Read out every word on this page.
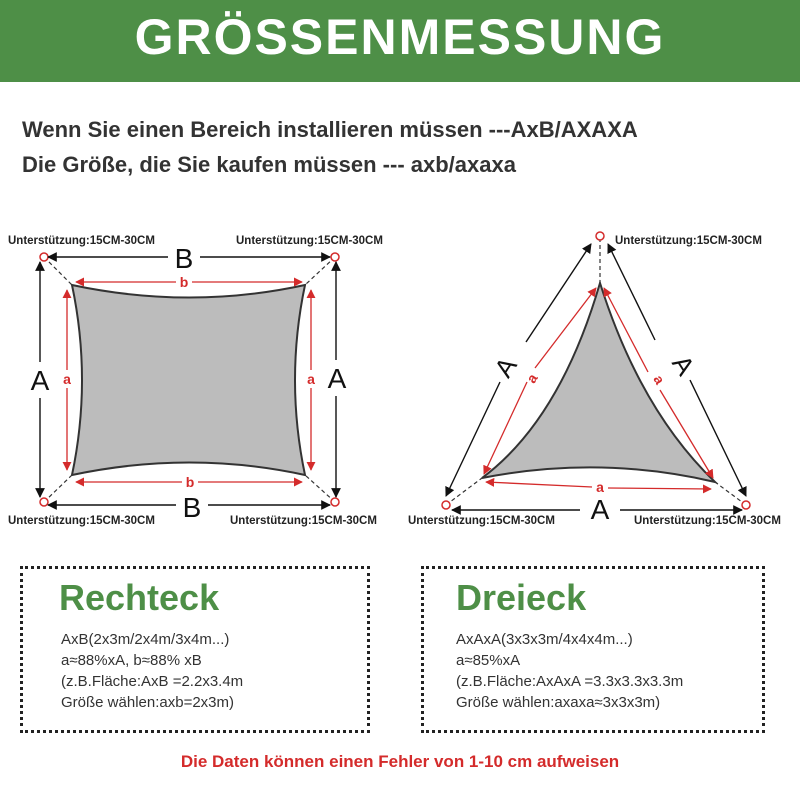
GRÖSSENMESSUNG
Wenn Sie einen Bereich installieren müssen ---AxB/AXAXA
Die Größe, die Sie kaufen müssen --- axb/axaxa
B
B
A	A
b
b
a	a
Unterstützung:15CM-30CM	Unterstützung:15CM-30CM
Unterstützung:15CM-30CM	Unterstützung:15CM-30CM
A	A
A
a	a
a
Unterstützung:15CM-30CM
Unterstützung:15CM-30CM	Unterstützung:15CM-30CM
Rechteck
AxB(2x3m/2x4m/3x4m...)
a≈88%xA, b≈88% xB
(z.B.Fläche:AxB =2.2x3.4m
Größe wählen:axb=2x3m)
Dreieck
AxAxA(3x3x3m/4x4x4m...)
a≈85%xA
(z.B.Fläche:AxAxA =3.3x3.3x3.3m
Größe wählen:axaxa≈3x3x3m)
Die Daten können einen Fehler von 1-10 cm aufweisen
